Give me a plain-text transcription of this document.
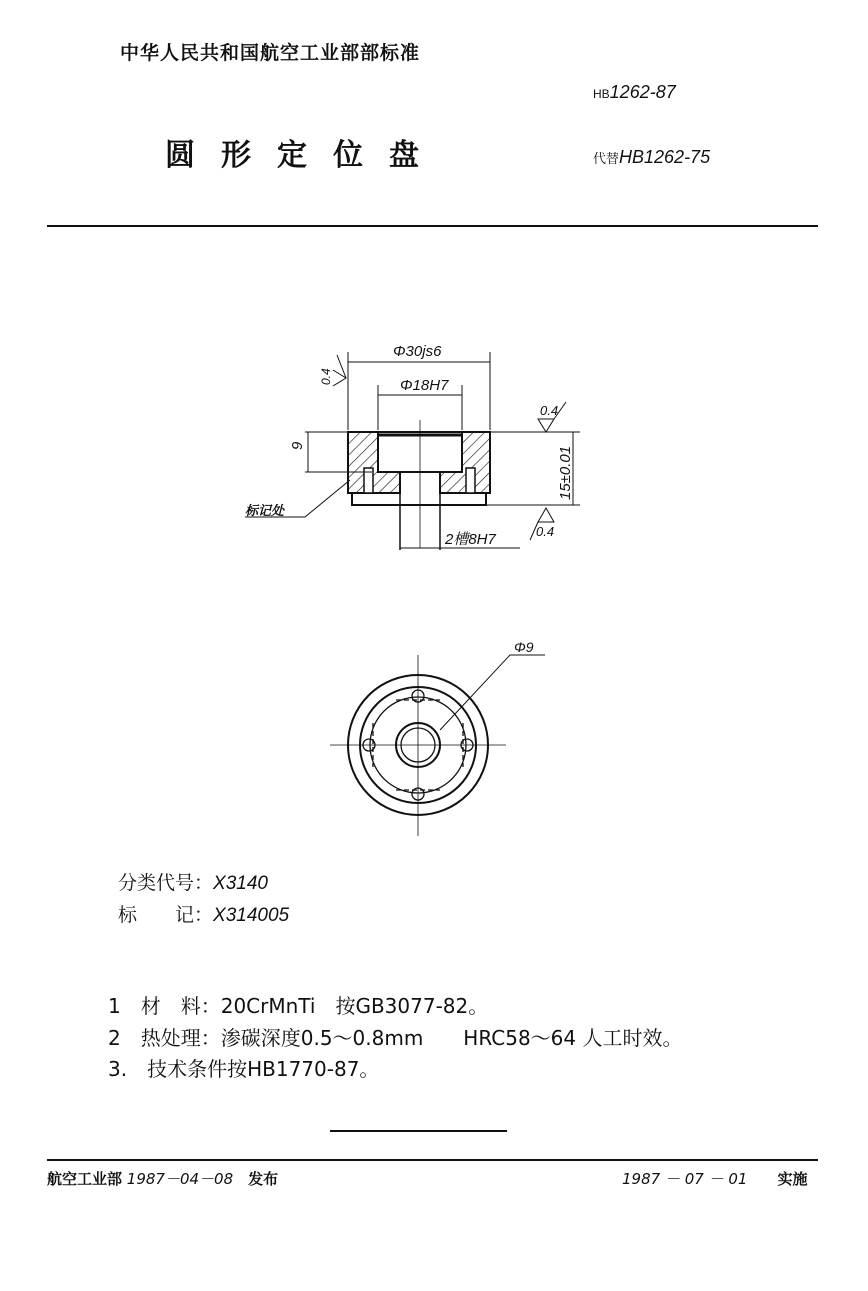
中华人民共和国航空工业部部标准
HB1262-87
圆形定位盘	代替HB1262-75
Φ30js6
Φ18H7
0.4
0.4
0.4
9
15±0.01
标记处
2槽8H7
Φ9
分类代号：X3140
标　　记：X314005
1　 材　料：20CrMnTi　按GB3077-82。
2　 热处理：渗碳深度0.5～0.8mm　　HRC58～64 人工时效。
3.　 技术条件按HB1770-87。
航空工业部 1987－04－08　 发布	1987 － 07 － 01　　 实施
